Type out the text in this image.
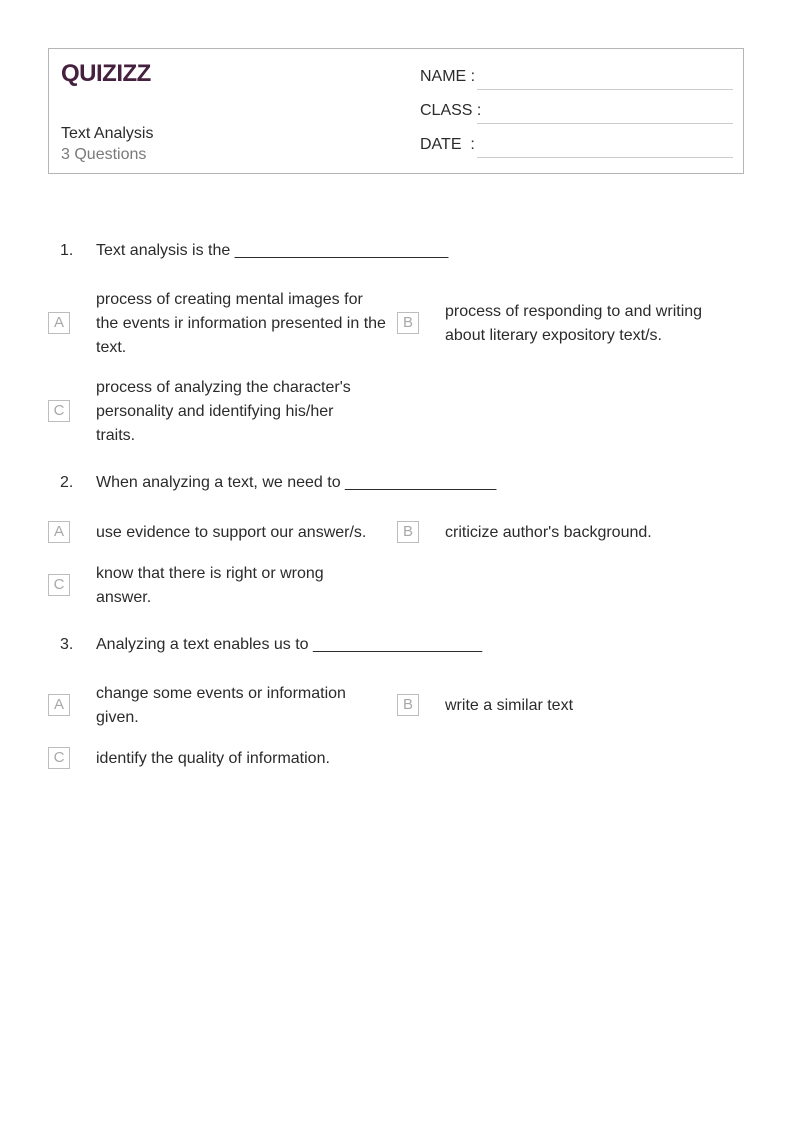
QUIZIZZ
Text Analysis
3 Questions
NAME :
CLASS :
DATE  :
1. Text analysis is the ________________________
A
process of creating mental images for the events ir information presented in the text.
B
process of responding to and writing about literary expository text/s.
C
process of analyzing the character's personality and identifying his/her traits.
2. When analyzing a text, we need to _________________
A	use evidence to support our answer/s.	B	criticize author's background.
C
know that there is right or wrong answer.
3. Analyzing a text enables us to ___________________
A
change some events or information given.
B	write a similar text
C	identify the quality of information.
